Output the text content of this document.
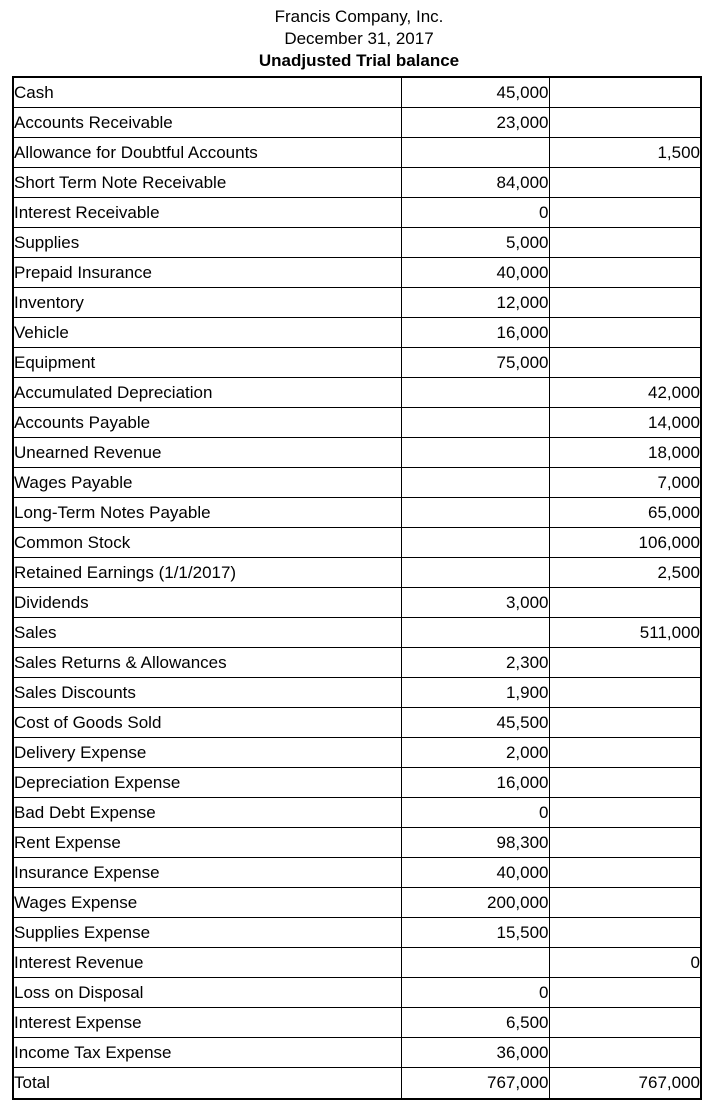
Francis Company, Inc.
December 31, 2017
Unadjusted Trial balance
Cash	45,000	
Accounts Receivable	23,000	
Allowance for Doubtful Accounts		1,500
Short Term Note Receivable	84,000	
Interest Receivable	0	
Supplies	5,000	
Prepaid Insurance	40,000	
Inventory	12,000	
Vehicle	16,000	
Equipment	75,000	
Accumulated Depreciation		42,000
Accounts Payable		14,000
Unearned Revenue		18,000
Wages Payable		7,000
Long-Term Notes Payable		65,000
Common Stock		106,000
Retained Earnings (1/1/2017)		2,500
Dividends	3,000	
Sales		511,000
Sales Returns & Allowances	2,300	
Sales Discounts	1,900	
Cost of Goods Sold	45,500	
Delivery Expense	2,000	
Depreciation Expense	16,000	
Bad Debt Expense	0	
Rent Expense	98,300	
Insurance Expense	40,000	
Wages Expense	200,000	
Supplies Expense	15,500	
Interest Revenue		0
Loss on Disposal	0	
Interest Expense	6,500	
Income Tax Expense	36,000	
Total	767,000	767,000
